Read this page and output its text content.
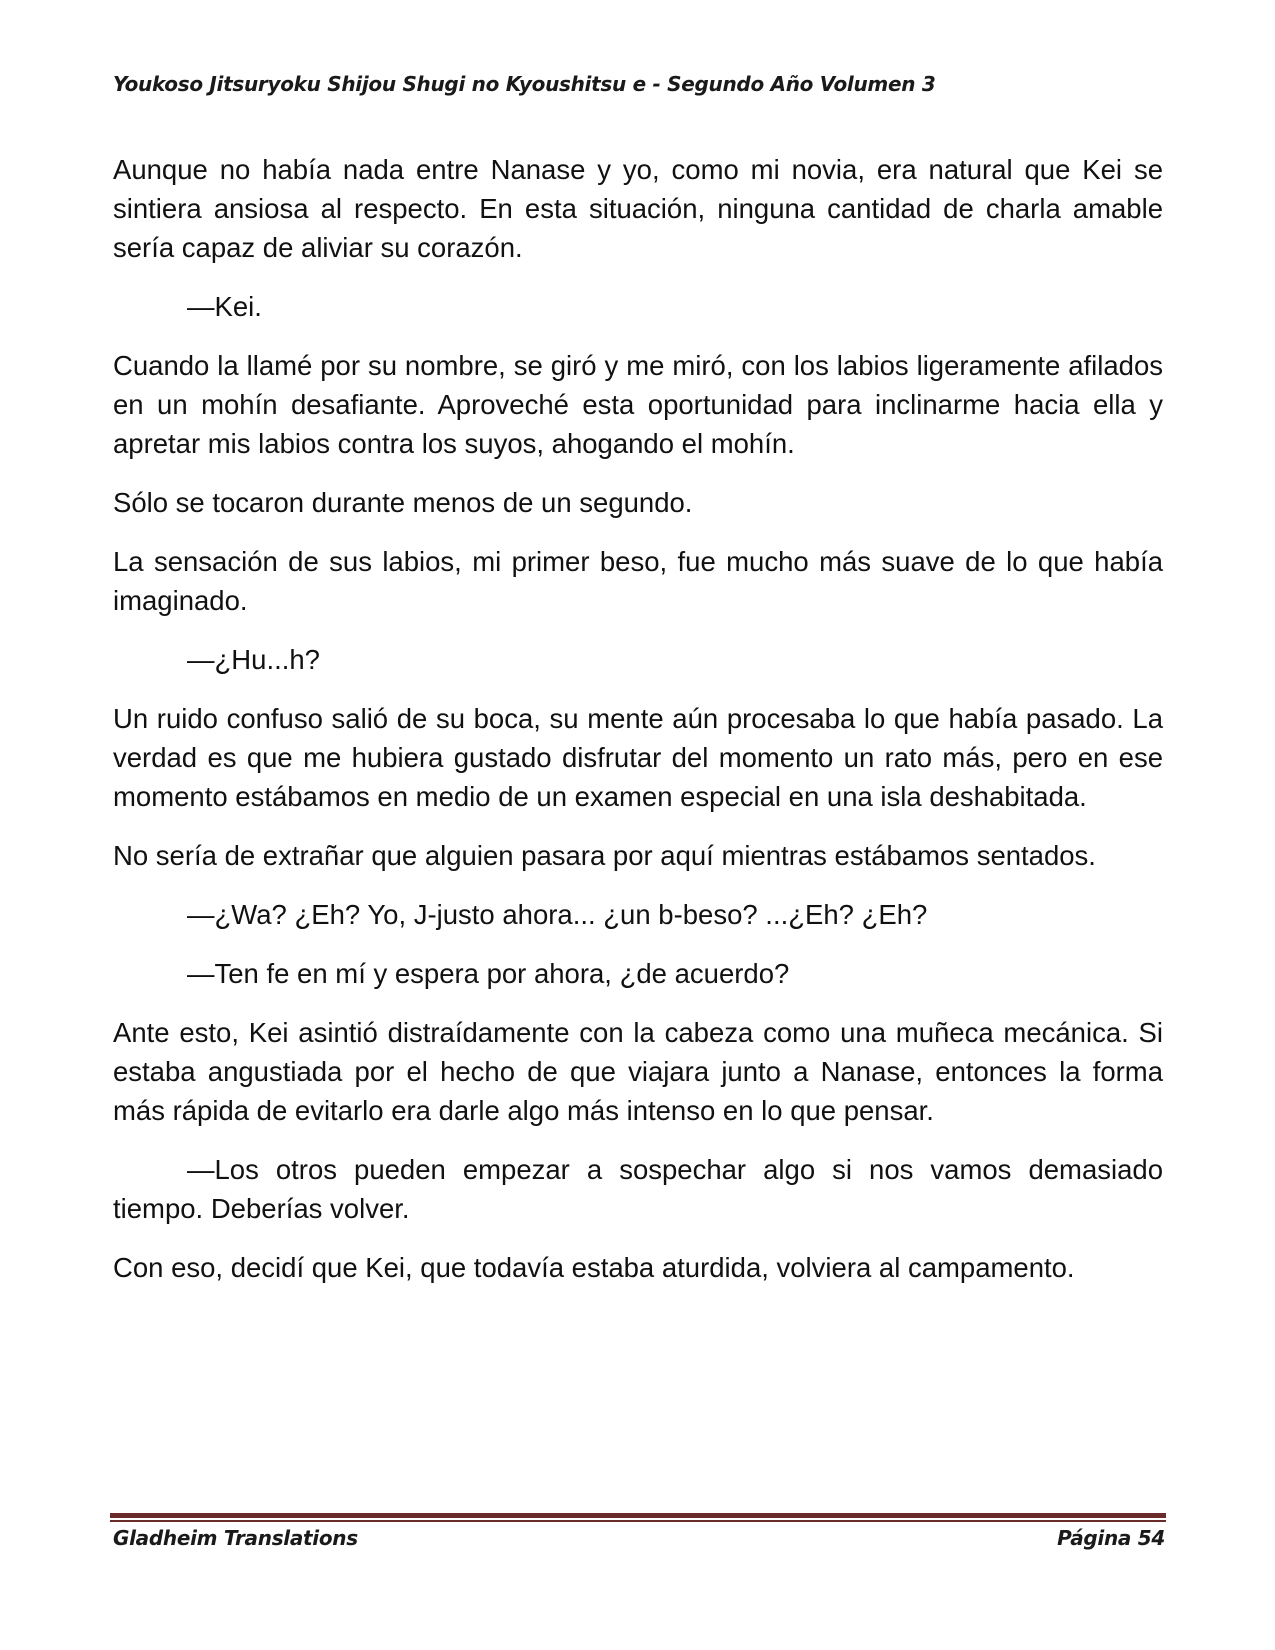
Youkoso Jitsuryoku Shijou Shugi no Kyoushitsu e - Segundo Año Volumen 3

Aunque no había nada entre Nanase y yo, como mi novia, era natural que Kei se sintiera ansiosa al respecto. En esta situación, ninguna cantidad de charla amable sería capaz de aliviar su corazón.

—Kei.

Cuando la llamé por su nombre, se giró y me miró, con los labios ligeramente afilados en un mohín desafiante. Aproveché esta oportunidad para inclinarme hacia ella y apretar mis labios contra los suyos, ahogando el mohín.

Sólo se tocaron durante menos de un segundo.

La sensación de sus labios, mi primer beso, fue mucho más suave de lo que había imaginado.

—¿Hu...h?

Un ruido confuso salió de su boca, su mente aún procesaba lo que había pasado. La verdad es que me hubiera gustado disfrutar del momento un rato más, pero en ese momento estábamos en medio de un examen especial en una isla deshabitada.

No sería de extrañar que alguien pasara por aquí mientras estábamos sentados.

—¿Wa? ¿Eh? Yo, J-justo ahora... ¿un b-beso? ...¿Eh? ¿Eh?

—Ten fe en mí y espera por ahora, ¿de acuerdo?

Ante esto, Kei asintió distraídamente con la cabeza como una muñeca mecánica. Si estaba angustiada por el hecho de que viajara junto a Nanase, entonces la forma más rápida de evitarlo era darle algo más intenso en lo que pensar.

—Los otros pueden empezar a sospechar algo si nos vamos demasiado tiempo. Deberías volver.

Con eso, decidí que Kei, que todavía estaba aturdida, volviera al campamento.

Gladheim Translations	Página 54
